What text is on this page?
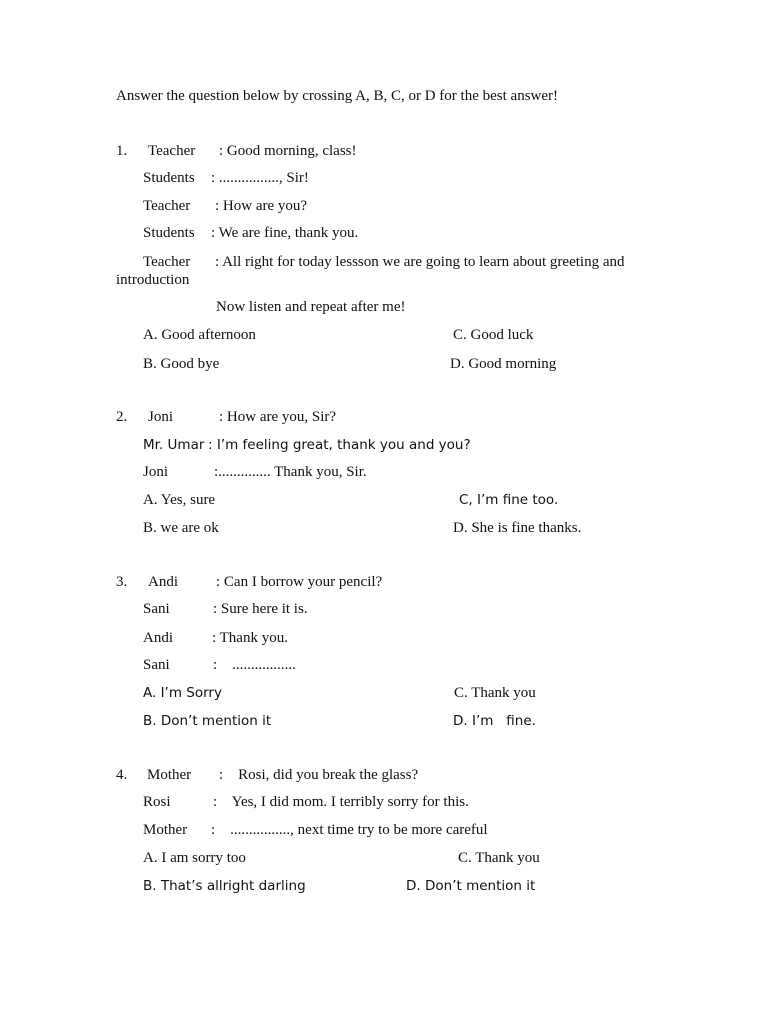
Answer the question below by crossing A, B, C, or D for the best answer!
1. Teacher : Good morning, class!
Students : ................, Sir!
Teacher : How are you?
Students : We are fine, thank you.
Teacher : All right for today lessson we are going to learn about greeting and
introduction
Now listen and repeat after me!
A. Good afternoon	C. Good luck
B. Good bye	D. Good morning
2. Joni	: How are you, Sir?
Mr. Umar : I’m feeling great, thank you and you?
Joni	:.............. Thank you, Sir.
A. Yes, sure	C, I’m fine too.
B. we are ok	D. She is fine thanks.
3. Andi	: Can I borrow your pencil?
Sani	: Sure here it is.
Andi	: Thank you.
Sani	:    .................
A. I’m Sorry	C. Thank you
B. Don’t mention it	D. I’m   fine.
4. Mother :    Rosi, did you break the glass?
Rosi	:    Yes, I did mom. I terribly sorry for this.
Mother :    ................, next time try to be more careful
A. I am sorry too	C. Thank you
B. That’s allright darling	D. Don’t mention it
